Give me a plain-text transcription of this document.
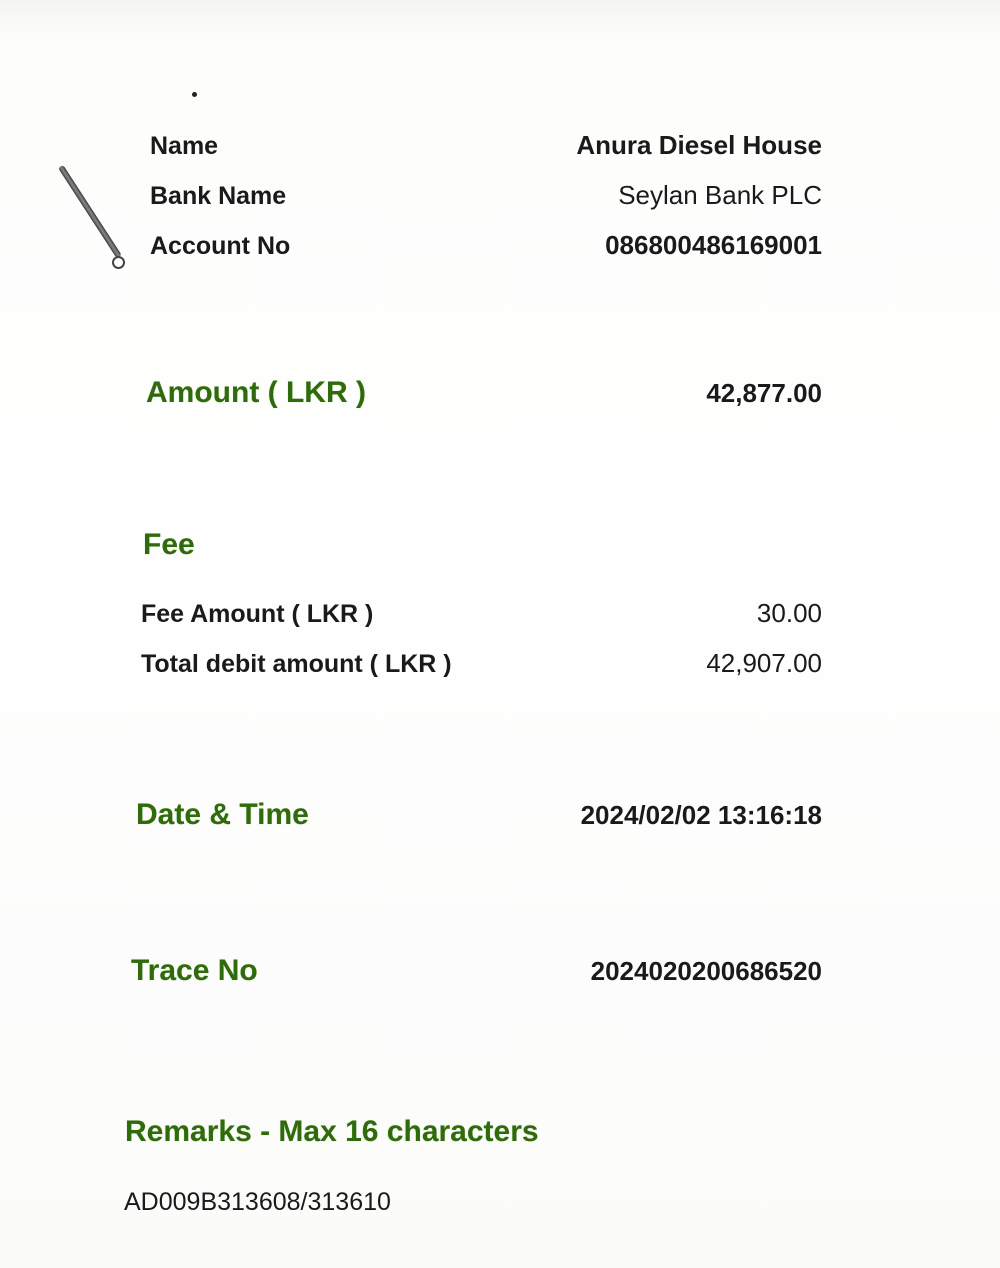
Name	Anura Diesel House
Bank Name	Seylan Bank PLC
Account No	086800486169001
Amount ( LKR )	42,877.00
Fee
Fee Amount ( LKR )	30.00
Total debit amount ( LKR )	42,907.00
Date & Time	2024/02/02 13:16:18
Trace No	2024020200686520
Remarks - Max 16 characters
AD009B313608/313610
